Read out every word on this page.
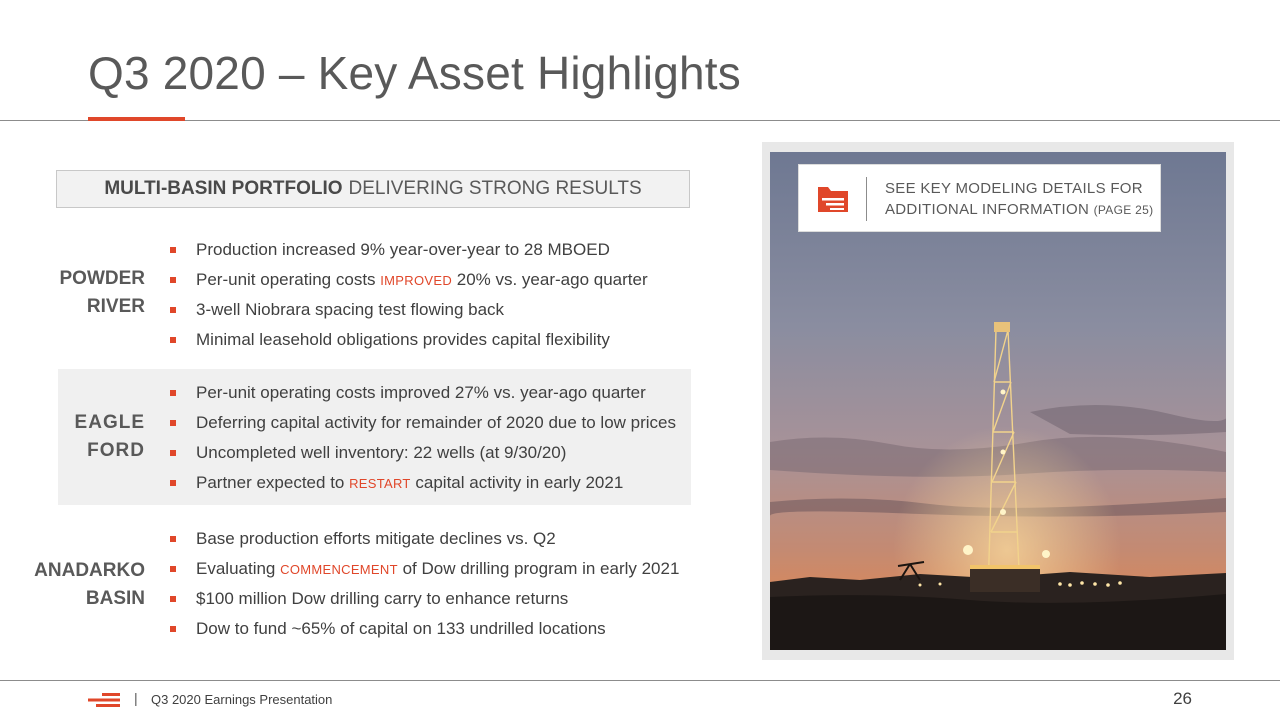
Q3 2020 – Key Asset Highlights
MULTI-BASIN PORTFOLIO DELIVERING STRONG RESULTS
POWDER
RIVER
Production increased 9% year-over-year to 28 MBOED
Per-unit operating costs IMPROVED 20% vs. year-ago quarter
3-well Niobrara spacing test flowing back
Minimal leasehold obligations provides capital flexibility
EAGLE
FORD
Per-unit operating costs improved 27% vs. year-ago quarter
Deferring capital activity for remainder of 2020 due to low prices
Uncompleted well inventory: 22 wells (at 9/30/20)
Partner expected to RESTART capital activity in early 2021
ANADARKO
BASIN
Base production efforts mitigate declines vs. Q2
Evaluating COMMENCEMENT of Dow drilling program in early 2021
$100 million Dow drilling carry to enhance returns
Dow to fund ~65% of capital on 133 undrilled locations
SEE KEY MODELING DETAILS FOR
ADDITIONAL INFORMATION (PAGE 25)
| Q3 2020 Earnings Presentation	26
